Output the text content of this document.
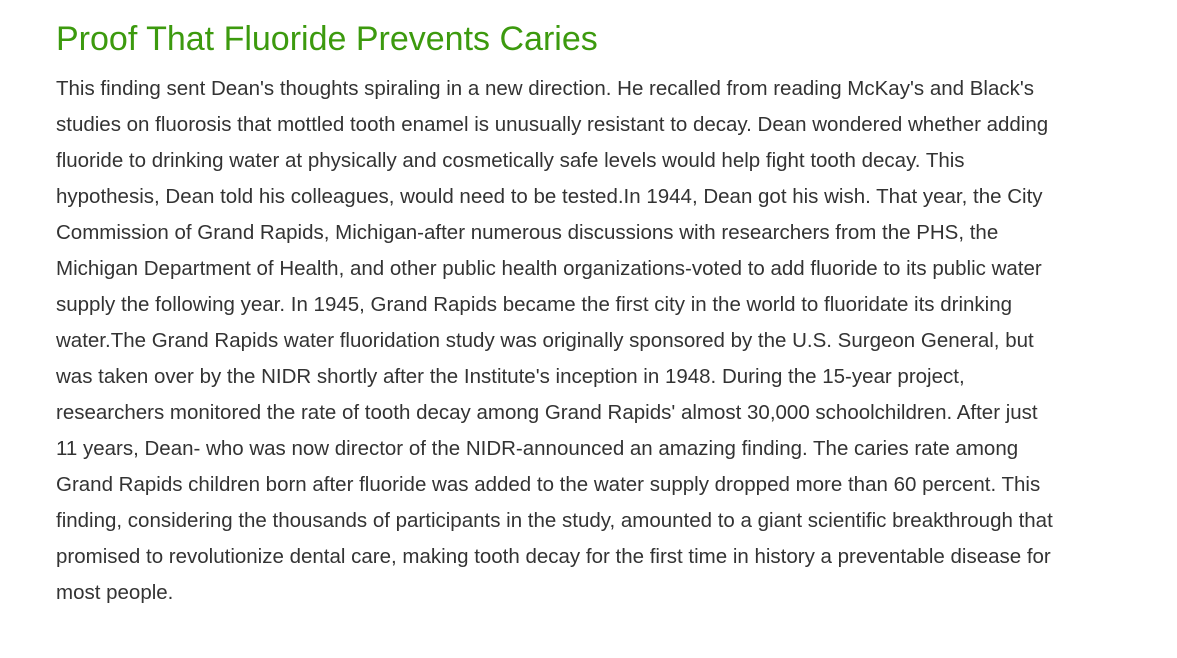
Proof That Fluoride Prevents Caries

This finding sent Dean's thoughts spiraling in a new direction. He recalled from reading McKay's and Black's studies on fluorosis that mottled tooth enamel is unusually resistant to decay. Dean wondered whether adding fluoride to drinking water at physically and cosmetically safe levels would help fight tooth decay. This hypothesis, Dean told his colleagues, would need to be tested.In 1944, Dean got his wish. That year, the City Commission of Grand Rapids, Michigan-after numerous discussions with researchers from the PHS, the Michigan Department of Health, and other public health organizations-voted to add fluoride to its public water supply the following year. In 1945, Grand Rapids became the first city in the world to fluoridate its drinking water.The Grand Rapids water fluoridation study was originally sponsored by the U.S. Surgeon General, but was taken over by the NIDR shortly after the Institute's inception in 1948. During the 15-year project, researchers monitored the rate of tooth decay among Grand Rapids' almost 30,000 schoolchildren. After just 11 years, Dean- who was now director of the NIDR-announced an amazing finding. The caries rate among Grand Rapids children born after fluoride was added to the water supply dropped more than 60 percent. This finding, considering the thousands of participants in the study, amounted to a giant scientific breakthrough that promised to revolutionize dental care, making tooth decay for the first time in history a preventable disease for most people.
